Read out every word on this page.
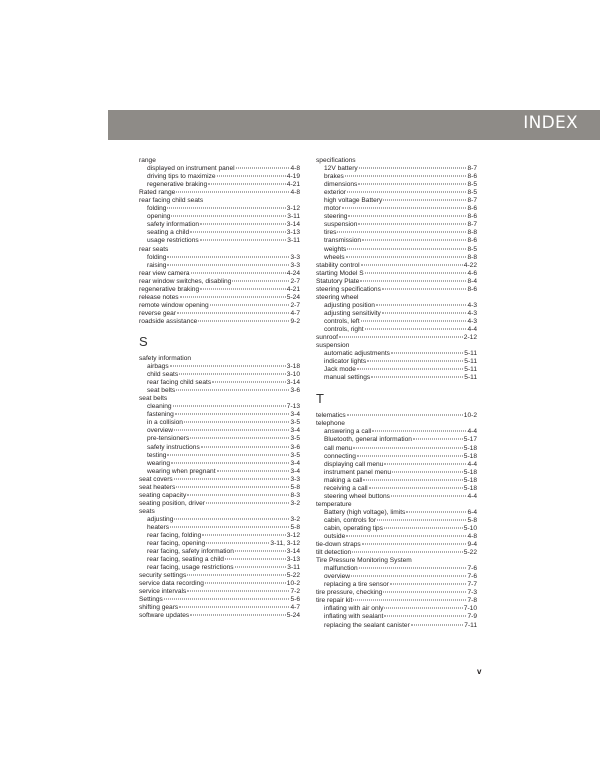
INDEX
range
displayed on instrument panel	4-8
driving tips to maximize	4-19
regenerative braking	4-21
Rated range	4-8
rear facing child seats
folding	3-12
opening	3-11
safety information	3-14
seating a child	3-13
usage restrictions	3-11
rear seats
folding	3-3
raising	3-3
rear view camera	4-24
rear window switches, disabling	2-7
regenerative braking	4-21
release notes	5-24
remote window opening	2-7
reverse gear	4-7
roadside assistance	9-2
S
safety information
airbags	3-18
child seats	3-10
rear facing child seats	3-14
seat belts	3-6
seat belts
cleaning	7-13
fastening	3-4
in a collision	3-5
overview	3-4
pre-tensioners	3-5
safety instructions	3-6
testing	3-5
wearing	3-4
wearing when pregnant	3-4
seat covers	3-3
seat heaters	5-8
seating capacity	8-3
seating position, driver	3-2
seats
adjusting	3-2
heaters	5-8
rear facing, folding	3-12
rear facing, opening	3-11, 3-12
rear facing, safety information	3-14
rear facing, seating a child	3-13
rear facing, usage restrictions	3-11
security settings	5-22
service data recording	10-2
service intervals	7-2
Settings	5-6
shifting gears	4-7
software updates	5-24
specifications
12V battery	8-7
brakes	8-6
dimensions	8-5
exterior	8-5
high voltage Battery	8-7
motor	8-6
steering	8-6
suspension	8-7
tires	8-8
transmission	8-6
weights	8-5
wheels	8-8
stability control	4-22
starting Model S	4-6
Statutory Plate	8-4
steering specifications	8-6
steering wheel
adjusting position	4-3
adjusting sensitivity	4-3
controls, left	4-3
controls, right	4-4
sunroof	2-12
suspension
automatic adjustments	5-11
indicator lights	5-11
Jack mode	5-11
manual settings	5-11
T
telematics	10-2
telephone
answering a call	4-4
Bluetooth, general information	5-17
call menu	5-18
connecting	5-18
displaying call menu	4-4
instrument panel menu	5-18
making a call	5-18
receiving a call	5-18
steering wheel buttons	4-4
temperature
Battery (high voltage), limits	6-4
cabin, controls for	5-8
cabin, operating tips	5-10
outside	4-8
tie-down straps	9-4
tilt detection	5-22
Tire Pressure Monitoring System
malfunction	7-6
overview	7-6
replacing a tire sensor	7-7
tire pressure, checking	7-3
tire repair kit	7-8
inflating with air only	7-10
inflating with sealant	7-9
replacing the sealant canister	7-11
v
